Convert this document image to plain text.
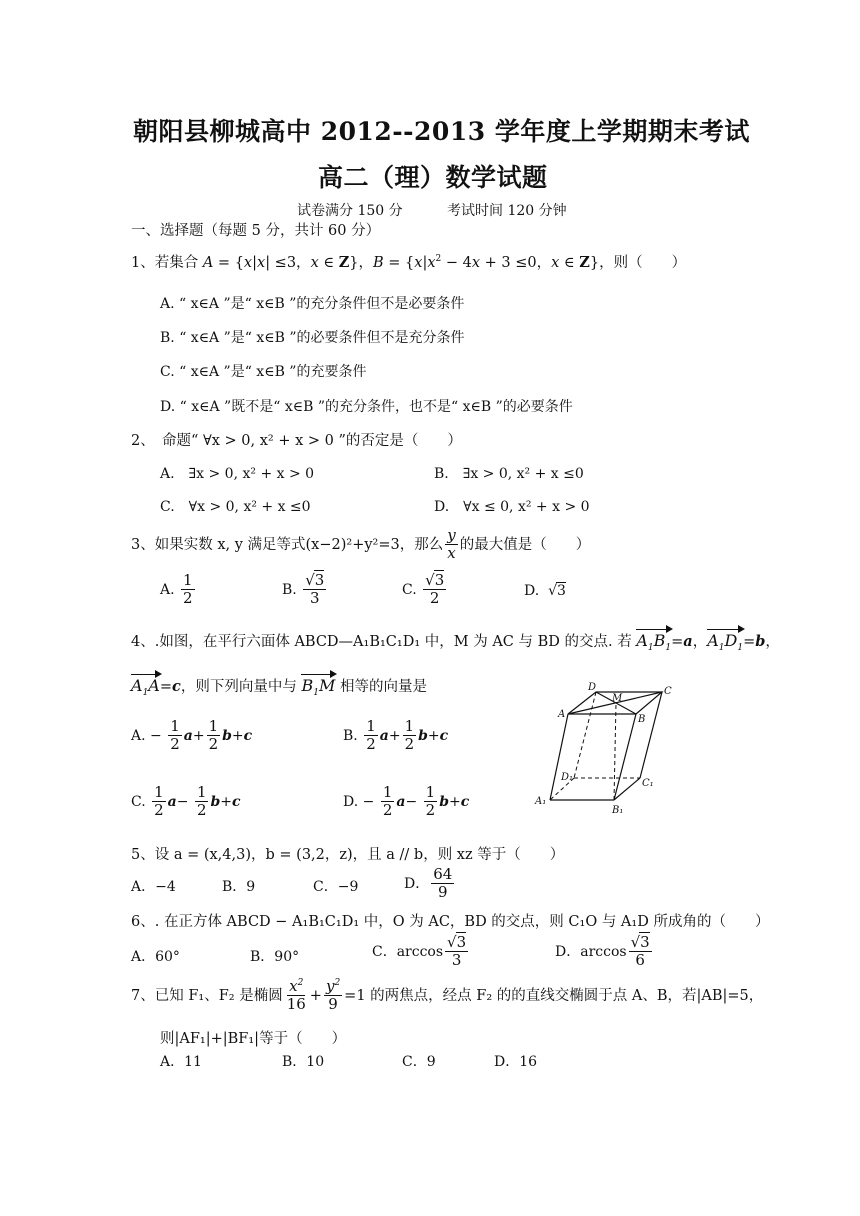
朝阳县柳城高中 2012--2013 学年度上学期期末考试
高二（理）数学试题
试卷满分 150 分	考试时间 120 分钟
一、选择题（每题 5 分，共计 60 分）
1、若集合 A = {x|x| ≤3，x ∈ Z}，$B = \{x|x^2 - 4x + 3 \le 0$，x ∈ Z}，则（　　）
A. “ x∈A ”是“ x∈B ”的充分条件但不是必要条件
B. “ x∈A ”是“ x∈B ”的必要条件但不是充分条件
C. “ x∈A ”是“ x∈B ”的充要条件
D. “ x∈A ”既不是“ x∈B ”的充分条件，也不是“ x∈B ”的必要条件
2、　命题“ ∀x > 0, x² + x > 0 ”的否定是（　　）
A.　∃x > 0, x² + x > 0	B.　∃x > 0, x² + x ≤0
C.　∀x > 0, x² + x ≤0	D.　∀x ≤ 0, x² + x > 0
3、如果实数 x, y 满足等式(x−2)²+y²=3，那么 $\frac{y}{x}$ 的最大值是（　　）
A. $\frac{1}{2}$	B. $\frac{√3}{3}$	C. $\frac{√3}{2}$	D.  √3
4、.如图，在平行六面体 ABCD—A₁B₁C₁D₁ 中，M 为 AC 与 BD 的交点. 若 $A_1B_1=a$，$A_1D_1=b$，
$A_1A=c$，则下列向量中与 $B_1M$ 相等的向量是
A. − $\frac{1}{2} a+ \frac{1}{2} b+c$	B. $\frac{1}{2} a+ \frac{1}{2} b+c$
C. $\frac{1}{2} a- \frac{1}{2} b+c$	D. − $\frac{1}{2} a- \frac{1}{2} b+c$
D
M
C
A	B
D₁
C₁
A₁
B₁
5、设 a = (x,4,3)，b = (3,2，z)，且 a // b，则 xz 等于（　　）
A．−4	B．9	C．−9	D． $\frac{64}{9}$
6、. 在正方体 ABCD − A₁B₁C₁D₁ 中，O 为 AC，BD 的交点，则 C₁O 与 A₁D 所成角的（　　）
A．60°	B．90°	C．$\arccos \frac{√3}{3}$	D．$\arccos \frac{√3}{6}$
7、已知 F₁、F₂ 是椭圆 $\frac{x^2}{16} + \frac{y^2}{9} =1$ 的两焦点，经点 F₂ 的的直线交椭圆于点 A、B，若|AB|=5，
则|AF₁|+|BF₁|等于（　　）
A．11	B．10	C．9	D．16
